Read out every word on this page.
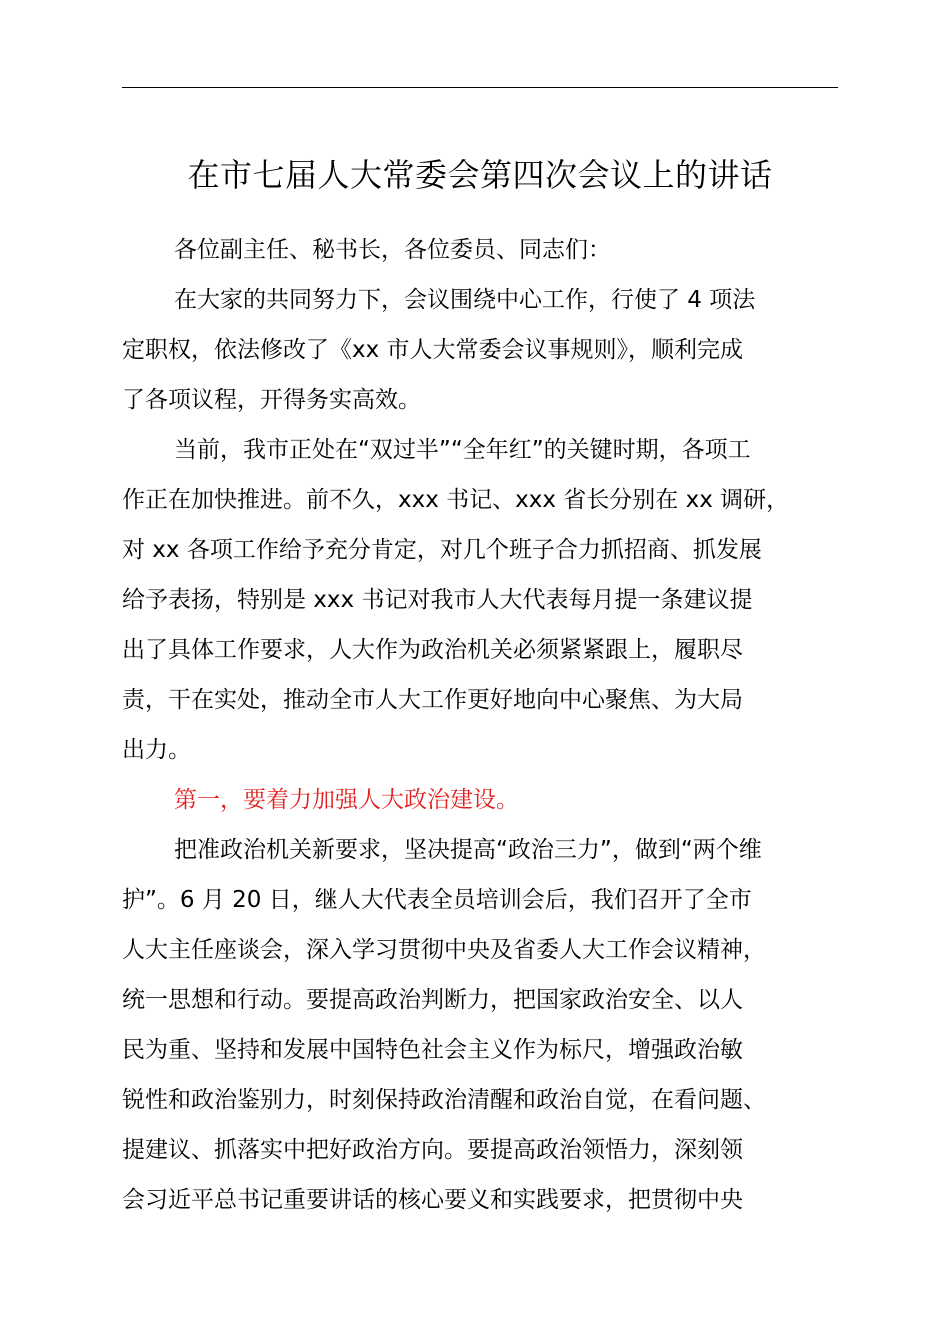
在市七届人大常委会第四次会议上的讲话
各位副主任、秘书长，各位委员、同志们：
在大家的共同努力下，会议围绕中心工作，行使了 4 项法
定职权，依法修改了《xx 市人大常委会议事规则》，顺利完成
了各项议程，开得务实高效。
当前，我市正处在“双过半”“全年红”的关键时期，各项工
作正在加快推进。前不久，xxx 书记、xxx 省长分别在 xx 调研，
对 xx 各项工作给予充分肯定，对几个班子合力抓招商、抓发展
给予表扬，特别是 xxx 书记对我市人大代表每月提一条建议提
出了具体工作要求，人大作为政治机关必须紧紧跟上，履职尽
责，干在实处，推动全市人大工作更好地向中心聚焦、为大局
出力。
第一，要着力加强人大政治建设。
把准政治机关新要求，坚决提高“政治三力”，做到“两个维
护”。6 月 20 日，继人大代表全员培训会后，我们召开了全市
人大主任座谈会，深入学习贯彻中央及省委人大工作会议精神，
统一思想和行动。要提高政治判断力，把国家政治安全、以人
民为重、坚持和发展中国特色社会主义作为标尺，增强政治敏
锐性和政治鉴别力，时刻保持政治清醒和政治自觉，在看问题、
提建议、抓落实中把好政治方向。要提高政治领悟力，深刻领
会习近平总书记重要讲话的核心要义和实践要求，把贯彻中央
